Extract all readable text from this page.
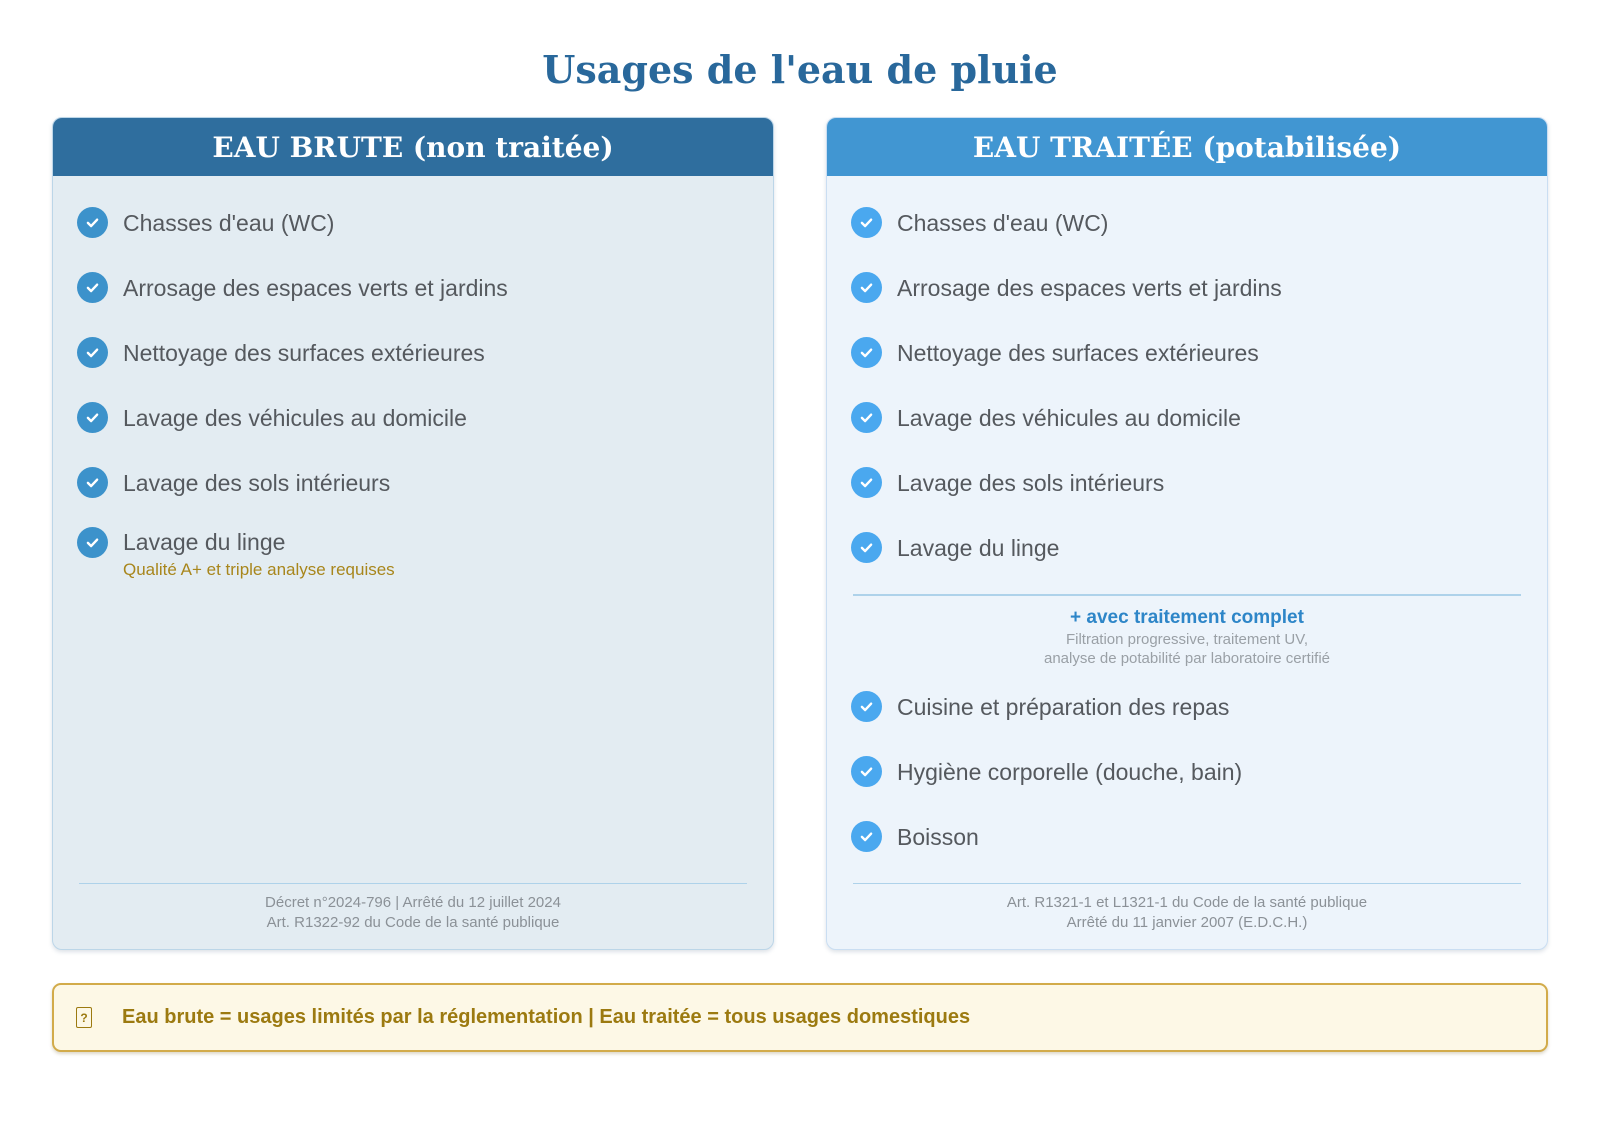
Usages de l'eau de pluie
EAU BRUTE (non traitée)
Chasses d'eau (WC)
Arrosage des espaces verts et jardins
Nettoyage des surfaces extérieures
Lavage des véhicules au domicile
Lavage des sols intérieurs
Lavage du linge
Qualité A+ et triple analyse requises
Décret n°2024-796 | Arrêté du 12 juillet 2024
Art. R1322-92 du Code de la santé publique
EAU TRAITÉE (potabilisée)
Chasses d'eau (WC)
Arrosage des espaces verts et jardins
Nettoyage des surfaces extérieures
Lavage des véhicules au domicile
Lavage des sols intérieurs
Lavage du linge
+ avec traitement complet
Filtration progressive, traitement UV,
analyse de potabilité par laboratoire certifié
Cuisine et préparation des repas
Hygiène corporelle (douche, bain)
Boisson
Art. R1321-1 et L1321-1 du Code de la santé publique
Arrêté du 11 janvier 2007 (E.D.C.H.)
? Eau brute = usages limités par la réglementation | Eau traitée = tous usages domestiques
